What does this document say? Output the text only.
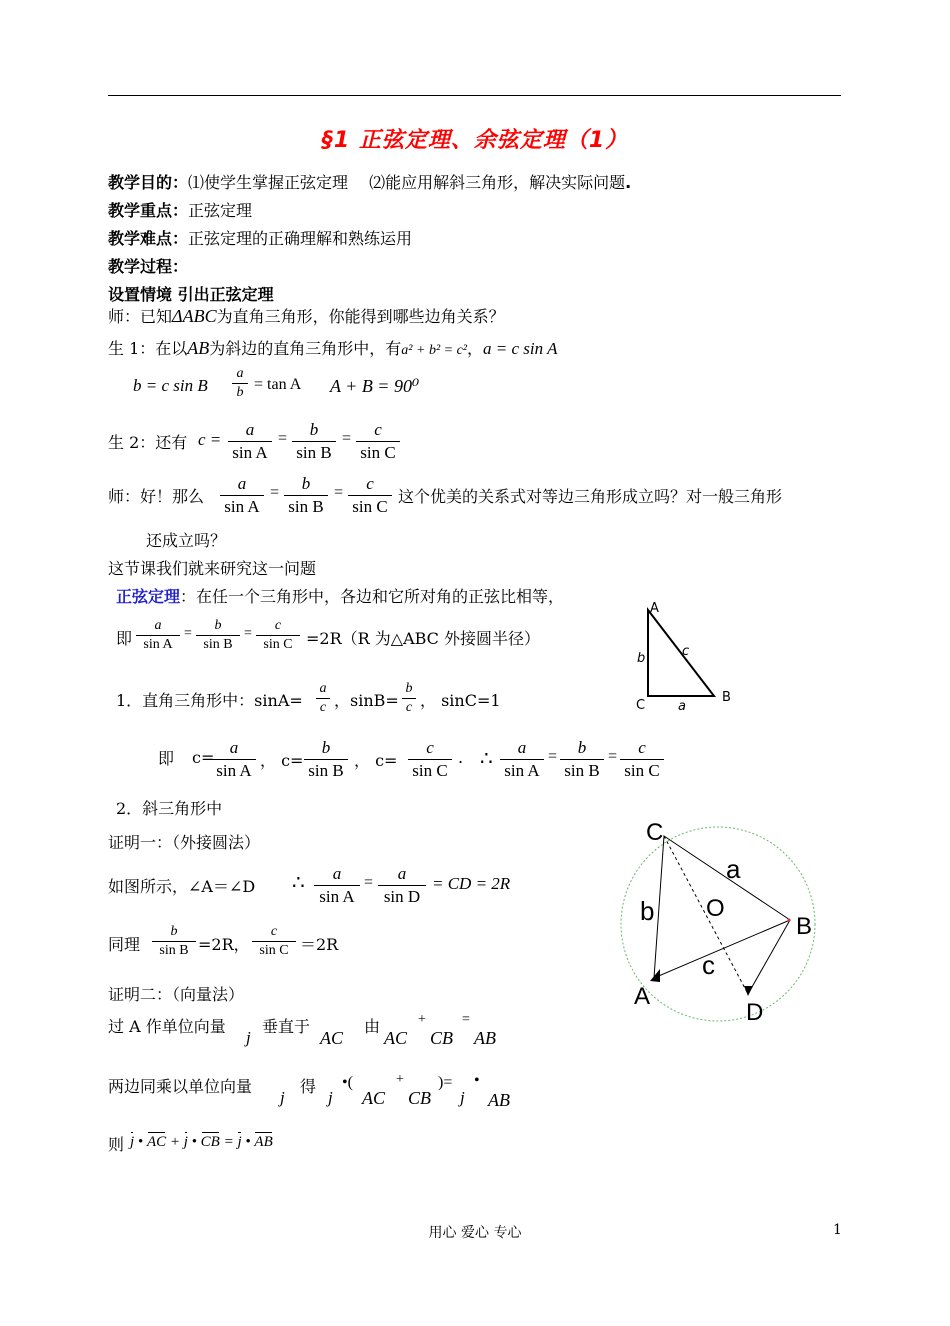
§1 正弦定理、余弦定理（1）
教学目的：⑴使学生掌握正弦定理 ⑵能应用解斜三角形，解决实际问题.
教学重点：正弦定理
教学难点：正弦定理的正确理解和熟练运用
教学过程：
设置情境 引出正弦定理
师：已知ΔABC为直角三角形，你能得到哪些边角关系？
生 1：在以AB为斜边的直角三角形中，有a² + b² = c²，a = c sin A
b = c sin B
a
b = tan A A + B = 90⁰
生 2：还有 c =
a
sin A
=	b
sin B
=	c
sin C
师：好！那么
a
sin A
=	b
sin B
=	c
sin C
这个优美的关系式对等边三角形成立吗？对一般三角形
还成立吗？
这节课我们就来研究这一问题
正弦定理：在任一个三角形中，各边和它所对角的正弦比相等，
即
a
sin A
=
b
sin B
=
c
sin C =2R（R 为△ABC 外接圆半径）
A
B
C	a
b	c
1．直角三角形中：sinA=
a
c ，sinB=
b
c ， sinC=1
即 c=
a
sin A
， c=
b
sin B
， c=
c
sin C
. ∴	a
sin A
=	b
sin B
=	c
sin C
2．斜三角形中
证明一：（外接圆法）
如图所示，∠A＝∠D ∴	a
sin A
=	a
sin D
= CD = 2R
同理
b
sin B =2R，
c
sin C ＝2R
C
B
A
D
O
a
b
c
证明二：（向量法）
过 A 作单位向量
j
垂直于
AC
由
AC
+
CB
=
AB
两边同乘以单位向量
j
得
j
•(
AC
+
CB
)=
j
•
AB
则 j • AC + j • CB = j • AB
用心 爱心 专心	1
